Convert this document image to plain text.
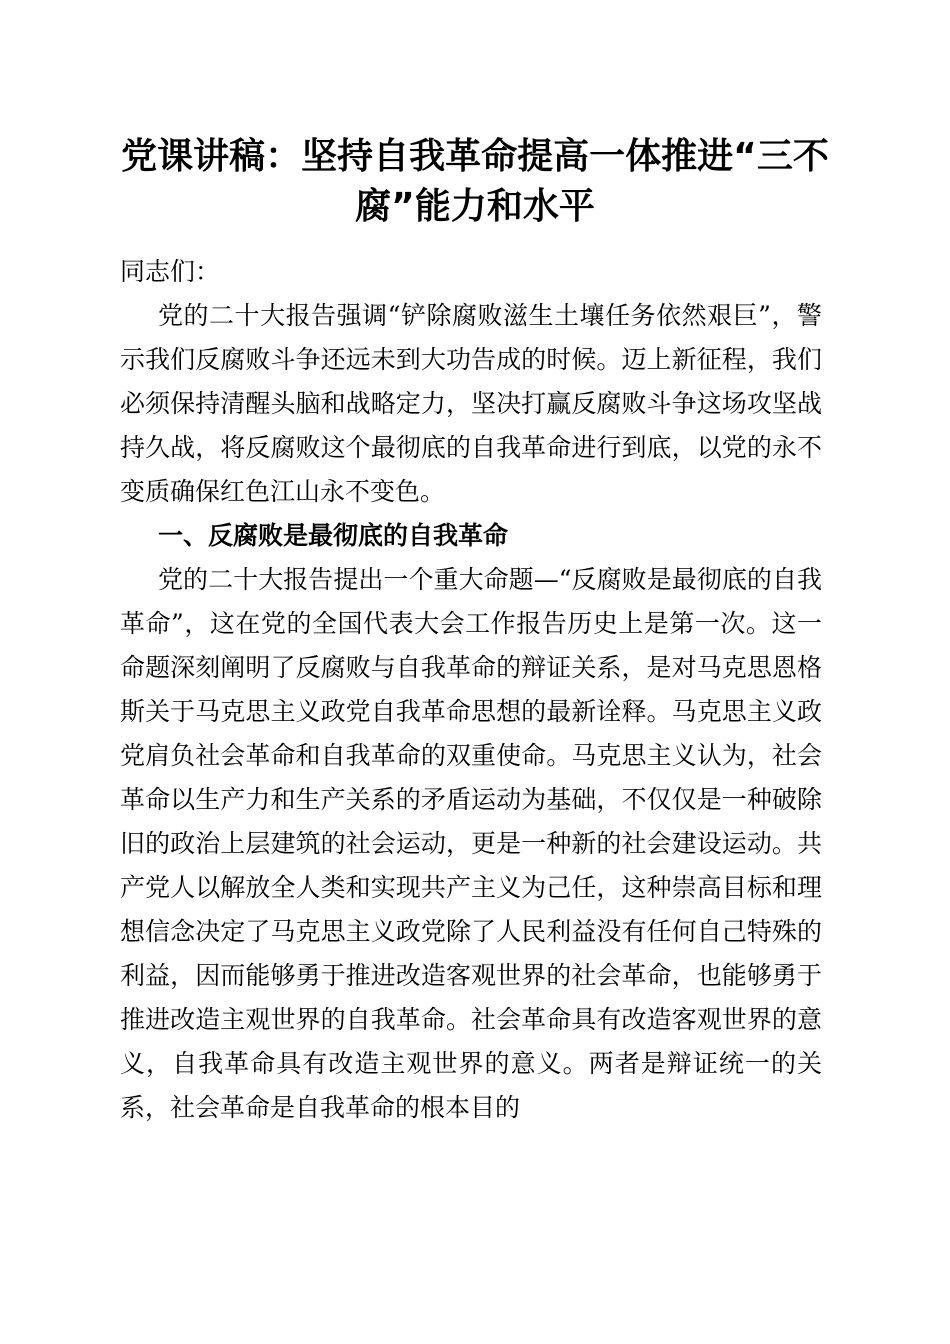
党课讲稿：坚持自我革命提高一体推进“三不
腐”能力和水平

同志们：

党的二十大报告强调“铲除腐败滋生土壤任务依然艰巨”，警示我们反腐败斗争还远未到大功告成的时候。迈上新征程，我们必须保持清醒头脑和战略定力，坚决打赢反腐败斗争这场攻坚战持久战，将反腐败这个最彻底的自我革命进行到底，以党的永不变质确保红色江山永不变色。

一、反腐败是最彻底的自我革命

党的二十大报告提出一个重大命题—“反腐败是最彻底的自我革命”，这在党的全国代表大会工作报告历史上是第一次。这一命题深刻阐明了反腐败与自我革命的辩证关系，是对马克思恩格斯关于马克思主义政党自我革命思想的最新诠释。马克思主义政党肩负社会革命和自我革命的双重使命。马克思主义认为，社会革命以生产力和生产关系的矛盾运动为基础，不仅仅是一种破除旧的政治上层建筑的社会运动，更是一种新的社会建设运动。共产党人以解放全人类和实现共产主义为己任，这种崇高目标和理想信念决定了马克思主义政党除了人民利益没有任何自己特殊的利益，因而能够勇于推进改造客观世界的社会革命，也能够勇于推进改造主观世界的自我革命。社会革命具有改造客观世界的意义，自我革命具有改造主观世界的意义。两者是辩证统一的关系，社会革命是自我革命的根本目的
